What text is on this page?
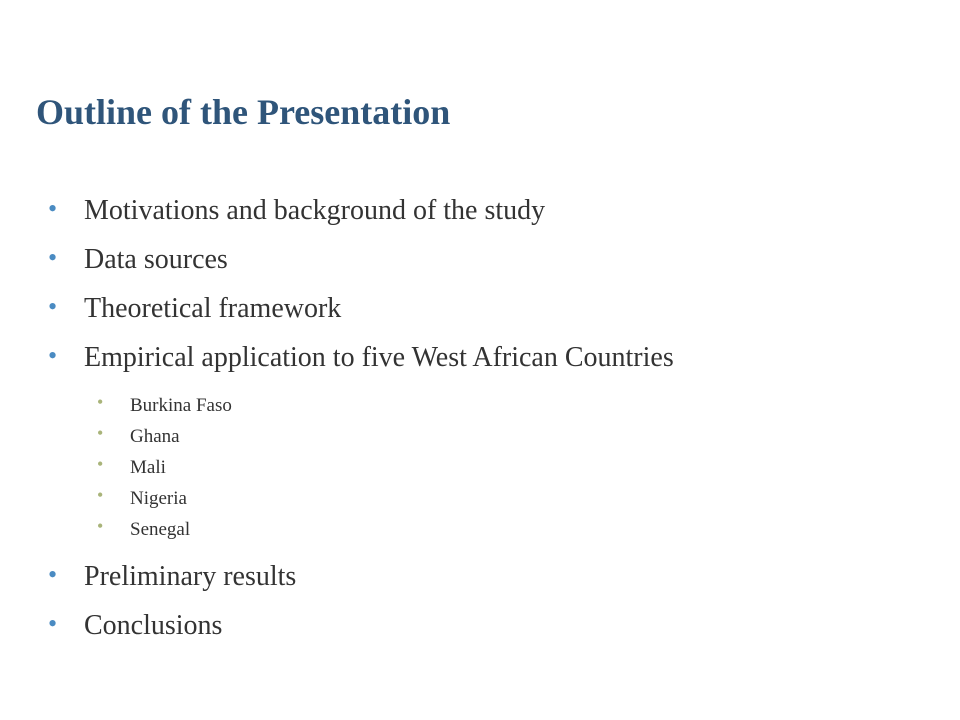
Outline of the Presentation
• Motivations and background of the study
• Data sources
• Theoretical framework
• Empirical application to five West African Countries
• Burkina Faso
• Ghana
• Mali
• Nigeria
• Senegal
• Preliminary results
• Conclusions
